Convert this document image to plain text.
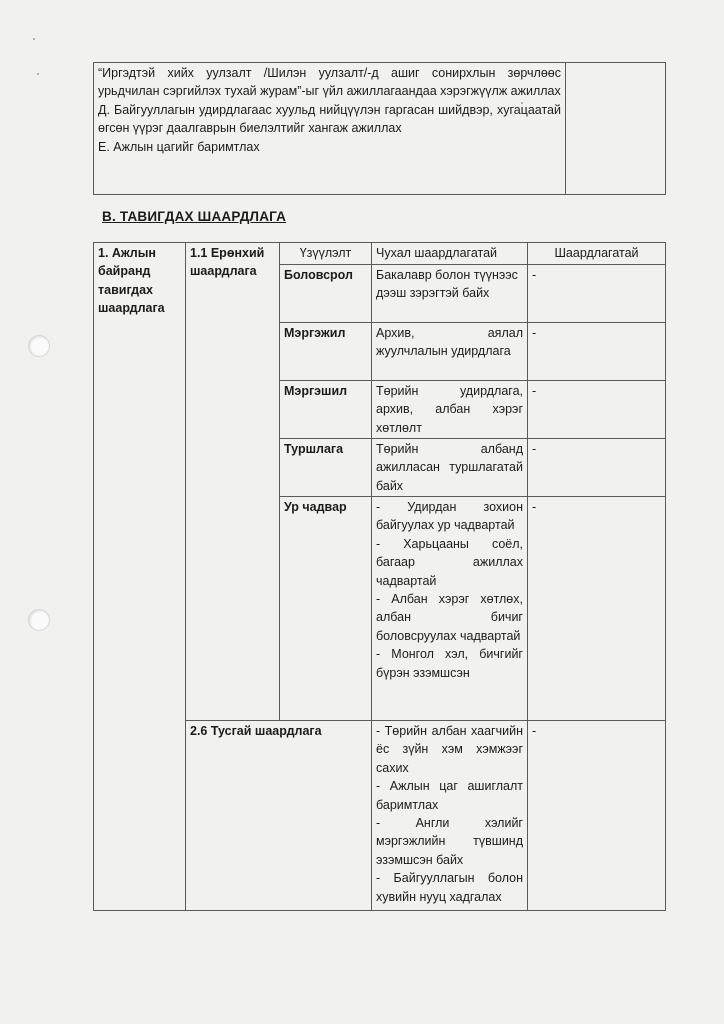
“Иргэдтэй хийх уулзалт /Шилэн уулзалт/-д ашиг сонирхлын зөрчлөөс урьдчилан сэргийлэх тухай журам”-ыг үйл ажиллагаандаа хэрэгжүүлж ажиллах

Д. Байгууллагын удирдлагаас хуульд нийцүүлэн гаргасан шийдвэр, хугацаатай өгсөн үүрэг даалгаврын биелэлтийг хангаж ажиллах

Е. Ажлын цагийг баримтлах

В. ТАВИГДАХ ШААРДЛАГА
1. Ажлын байранд тавигдах шаардлага	1.1 Ерөнхий шаардлага	Үзүүлэлт	Чухал шаардлагатай	Шаардлагатай
		Боловсрол	Бакалавр болон түүнээс дээш зэрэгтэй байх	-
		Мэргэжил	Архив, аялал жуулчлалын удирдлага	-
		Мэргэшил	Төрийн удирдлага, архив, албан хэрэг хөтлөлт	-
		Туршлага	Төрийн албанд ажилласан туршлагатай байх	-
		Ур чадвар	- Удирдан зохион байгуулах ур чадвартай
- Харьцааны соёл, багаар ажиллах чадвартай
- Албан хэрэг хөтлөх, албан бичиг боловсруулах чадвартай
- Монгол хэл, бичгийг бүрэн эзэмшсэн	-
	2.6 Тусгай шаардлага		- Төрийн албан хаагчийн ёс зүйн хэм хэмжээг сахих
- Ажлын цаг ашиглалт баримтлах
- Англи хэлийг мэргэжлийн түвшинд эзэмшсэн байх
- Байгууллагын болон хувийн нууц хадгалах	-
